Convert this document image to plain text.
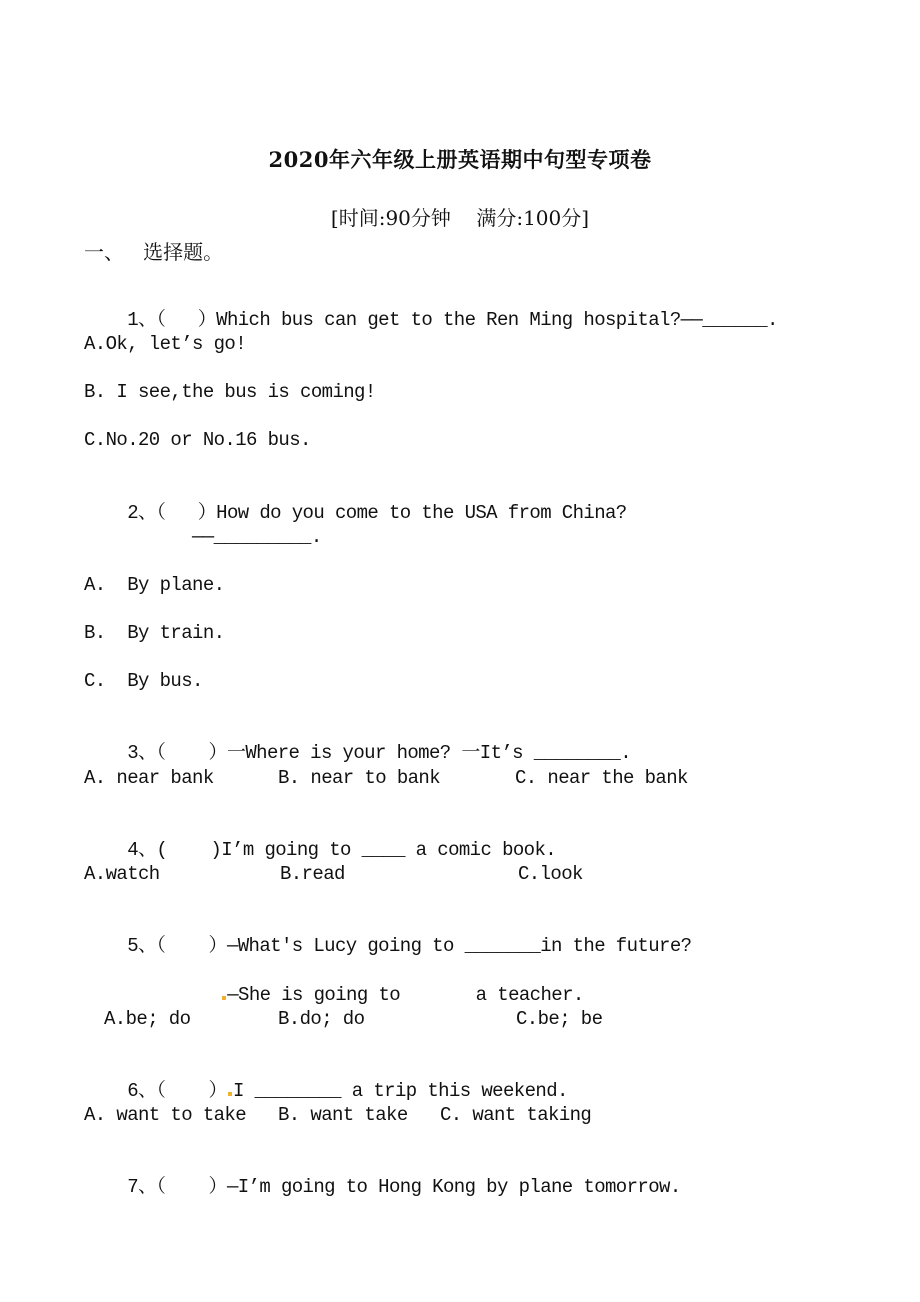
2020年六年级上册英语期中句型专项卷
[时间:90分钟    满分:100分]
一、   选择题。

1、（   ）Which bus can get to the Ren Ming hospital?——______.

A.Ok, let’s go!
B. I see,the bus is coming!
C.No.20 or No.16 bus.

2、（   ）How do you come to the USA from China?

——_________.
A.  By plane.
B.  By train.
C.  By bus.

3、（    ）一Where is your home? 一It’s ________.

A. near bank	B. near to bank	C. near the bank

4、(    )I’m going to ____ a comic book.

A.watch	B.read	C.look

5、（    ）—What's Lucy going to _______in the future?

—She is going to       a teacher.

A.be; do	B.do; do	C.be; be

6、（    ） I ________ a trip this weekend.

A. want to take B. want take C. want taking

7、（    ）—I’m going to Hong Kong by plane tomorrow.
